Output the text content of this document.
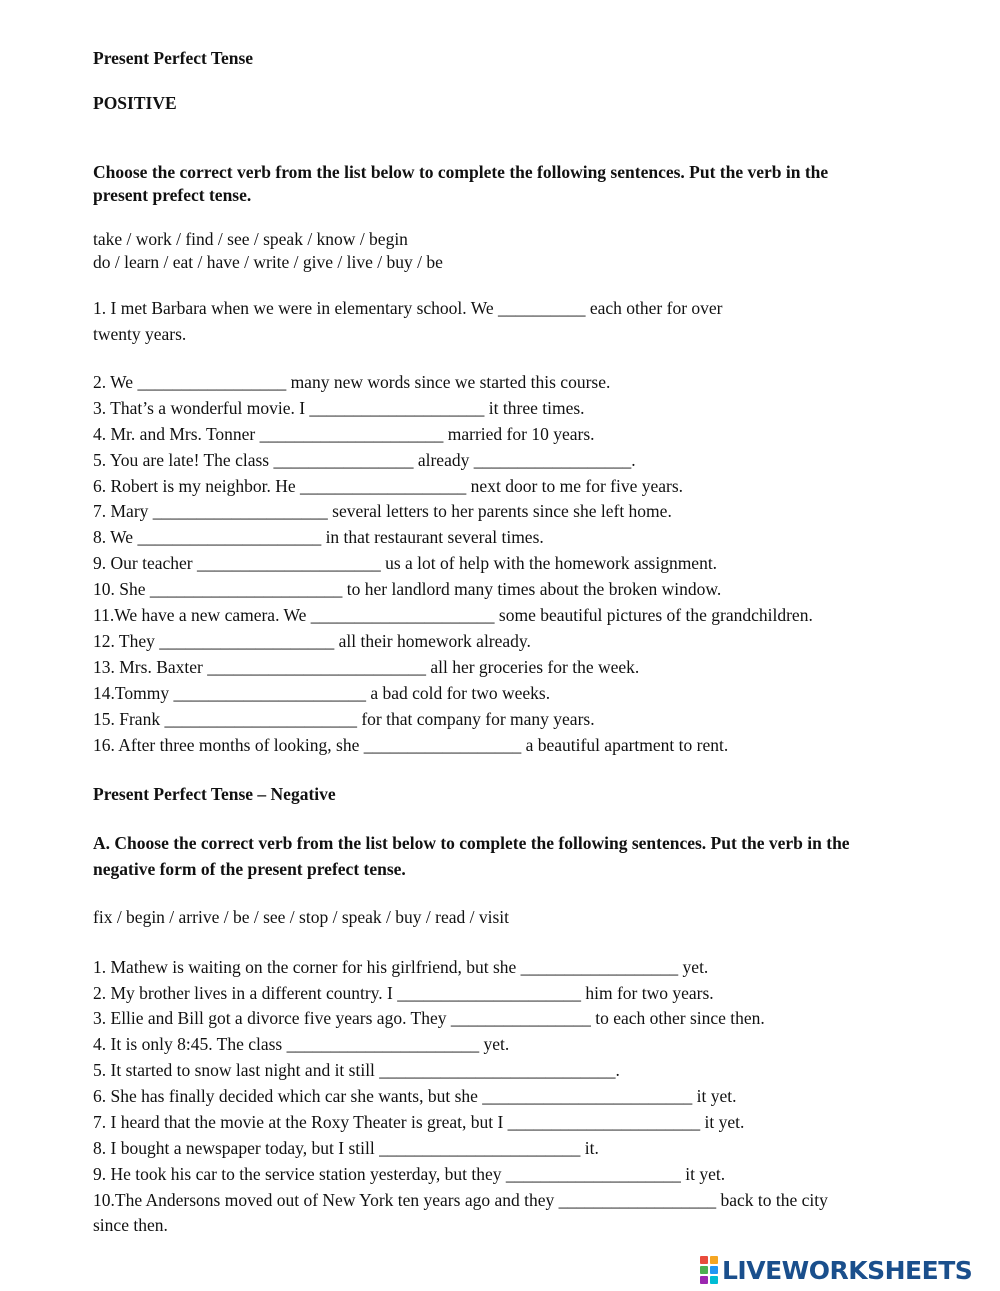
Present Perfect Tense
POSITIVE
Choose the correct verb from the list below to complete the following sentences. Put the verb in the
present prefect tense.
take / work / find / see / speak / know / begin
do / learn / eat / have / write / give / live / buy / be
1. I met Barbara when we were in elementary school. We __________ each other for over
twenty years.
2. We _________________ many new words since we started this course.
3. That’s a wonderful movie. I ____________________ it three times.
4. Mr. and Mrs. Tonner _____________________ married for 10 years.
5. You are late! The class ________________ already __________________.
6. Robert is my neighbor. He ___________________ next door to me for five years.
7. Mary ____________________ several letters to her parents since she left home.
8. We _____________________ in that restaurant several times.
9. Our teacher _____________________ us a lot of help with the homework assignment.
10. She ______________________ to her landlord many times about the broken window.
11.We have a new camera. We _____________________ some beautiful pictures of the grandchildren.
12. They ____________________ all their homework already.
13. Mrs. Baxter _________________________ all her groceries for the week.
14.Tommy ______________________ a bad cold for two weeks.
15. Frank ______________________ for that company for many years.
16. After three months of looking, she __________________ a beautiful apartment to rent.
Present Perfect Tense – Negative
A. Choose the correct verb from the list below to complete the following sentences. Put the verb in the
negative form of the present prefect tense.
fix / begin / arrive / be / see / stop / speak / buy / read / visit
1. Mathew is waiting on the corner for his girlfriend, but she __________________ yet.
2. My brother lives in a different country. I _____________________ him for two years.
3. Ellie and Bill got a divorce five years ago. They ________________ to each other since then.
4. It is only 8:45. The class ______________________ yet.
5. It started to snow last night and it still ___________________________.
6. She has finally decided which car she wants, but she ________________________ it yet.
7. I heard that the movie at the Roxy Theater is great, but I ______________________ it yet.
8. I bought a newspaper today, but I still _______________________ it.
9. He took his car to the service station yesterday, but they ____________________ it yet.
10.The Andersons moved out of New York ten years ago and they __________________ back to the city
since then.
LIVEWORKSHEETS
